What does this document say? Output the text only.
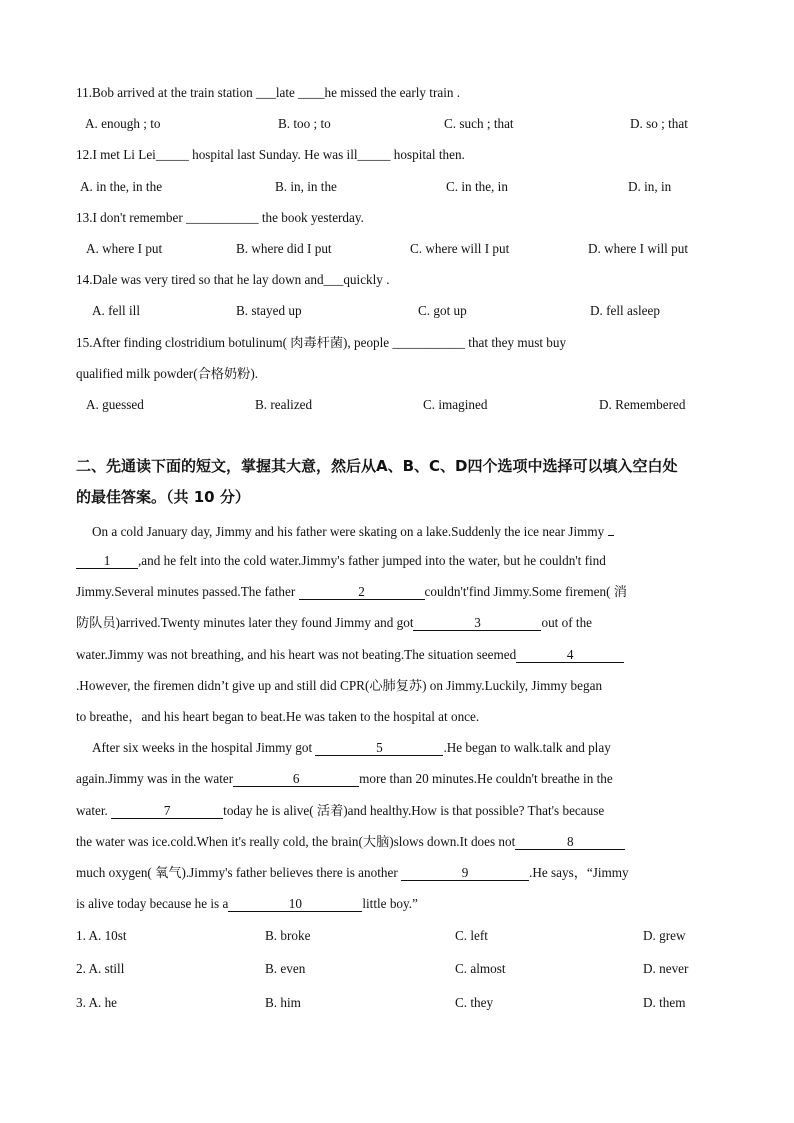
11.Bob arrived at the train station ___late ____he missed the early train .
A. enough ; to	B. too ; to	C. such ; that	D. so ; that
12.I met Li Lei_____ hospital last Sunday. He was ill_____ hospital then.
A. in the, in the	B. in, in the	C. in the, in	D. in, in
13.I don't remember ___________ the book yesterday.
A. where I put	B. where did I put	C. where will I put	D. where I will put
14.Dale was very tired so that he lay down and___quickly .
A. fell ill	B. stayed up	C. got up	D. fell asleep
15.After finding clostridium botulinum( 肉毒杆菌), people ___________ that they must buy
qualified milk powder(合格奶粉).
A. guessed	B. realized	C. imagined	D. Remembered
二、先通读下面的短文，掌握其大意，然后从A、B、C、D四个选项中选择可以填入空白处
的最佳答案。（共 10 分）
On a cold January day, Jimmy and his father were skating on a lake.Suddenly the ice near Jimmy
1 ,and he felt into the cold water.Jimmy's father jumped into the water, but he couldn't find
Jimmy.Several minutes passed.The father	2	couldn't'find Jimmy.Some firemen( 消
防队员)arrived.Twenty minutes later they found Jimmy and got	3	out of the
water.Jimmy was not breathing, and his heart was not beating.The situation seemed	4
.However, the firemen didn’t give up and still did CPR(心肺复苏) on Jimmy.Luckily, Jimmy began
to breathe，and his heart began to beat.He was taken to the hospital at once.
After six weeks in the hospital Jimmy got	5	.He began to walk.talk and play
again.Jimmy was in the water	6	more than 20 minutes.He couldn't breathe in the
water.	7	today he is alive( 活着)and healthy.How is that possible? That's because
the water was ice.cold.When it's really cold, the brain(大脑)slows down.It does not	8
much oxygen( 氧气).Jimmy's father believes there is another	9	.He says，“Jimmy
is alive today because he is a	10	little boy.”
1. A. 10st	B. broke	C. left	D. grew
2. A. still	B. even	C. almost	D. never
3. A. he	B. him	C. they	D. them
